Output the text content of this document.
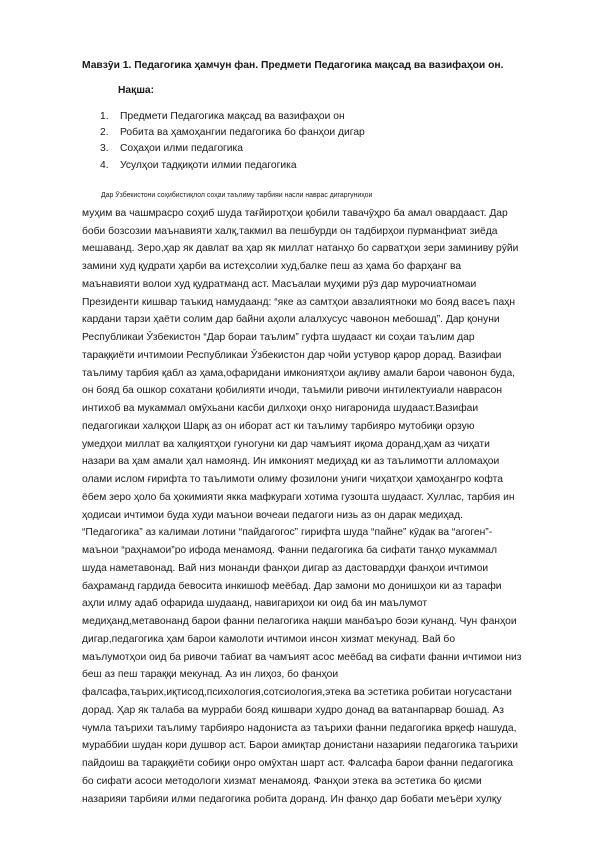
Мавзӯи 1. Педагогика ҳамчун фан. Предмети Педагогика мақсад ва вазифаҳои он.
Нақша:
1. Предмети Педагогика мақсад ва вазифаҳои он
2. Робита ва ҳамоҳангии педагогика бо фанҳои дигар
3. Соҳаҳои илми педагогика
4. Усулҳои тадқиқоти илмии педагогика
Дар Ӯзбекистони соҳибистиқлол соҳаи таълиму тарбияи насли наврас дигаргуниҳои
муҳим ва чашмрасро соҳиб шуда тағйиротҳои қобили тавачӯҳро ба амал овардааст. Дар
боби бозсозии маънавияти халқ,такмил ва пешбурди он тадбирҳои пурманфиат зиёда
мешаванд. Зеро,ҳар як давлат ва ҳар як миллат натанҳо бо сарватҳои зери заминиву рӯйи
замини худ қудрати ҳарби ва истеҳсолии худ,балке пеш аз ҳама бо фарҳанг ва
маънавияти волои худ қудратманд аст. Масъалаи муҳими рӯз дар мурочиатномаи
Президенти кишвар таъкид намудаанд: “яке аз самтҳои авзалиятноки мо бояд васеъ паҳн
кардани тарзи ҳаёти солим дар байни аҳоли алалхусус чавонон мебошад”. Дар қонуни
Республикаи Ӯзбекистон “Дар бораи таълим” гуфта шудааст ки соҳаи таълим дар
тараққиёти ичтимоии Республикаи Ӯзбекистон дар чойи устувор қарор дорад. Вазифаи
таълиму тарбия қабл аз ҳама,офаридани имкониятҳои ақливу амали барои чавонон буда,
он бояд ба ошкор сохатани қобилияти ичоди, таъмили ривочи интилектуиали наврасон
интихоб ва мукаммал омӯхьани касби дилхоҳи онҳо нигаронида шудааст.Вазифаи
педагогикаи халқҳои Шарқ аз он иборат аст ки таълиму тарбияро мутобиқи орзую
умедҳои миллат ва халқиятҳои гуногуни ки дар чамъият иқома доранд,ҳам аз чиҳати
назари ва ҳам амали ҳал намоянд. Ин имконият медиҳад ки аз таълимотти алломаҳои
олами ислом ғирифта то таълимоти олиму фозилони униги чиҳатҳои ҳамоҳангро кофта
ёбем зеро ҳоло ба ҳокимияти якка мафкураги хотима гузошта шудааст. Хуллас, тарбия ин
ҳодисаи ичтимои буда худи маънои вочеаи педагоги низь аз он дарак медиҳад.
“Педагогика” аз калимаи лотини “пайдагогос” гирифта шуда “пайне” кӯдак ва “агоген”-
маънои “раҳнамои”ро ифода менамояд. Фанни педагогика ба сифати танҳо мукаммал
шуда наметавонад. Вай низ монанди фанҳои дигар аз дастовардҳи фанҳои ичтимои
баҳраманд гардида бевосита инкишоф меёбад. Дар замони мо донишҳои ки аз тарафи
аҳли илму адаб офарида шудаанд, навигариҳои ки оид ба ин маълумот
медиҳанд,метавонанд барои фанни пелагогика нақши манбаъро боэи кунанд. Чун фанҳои
дигар,педагогика ҳам барои камолоти ичтимои инсон хизмат мекунад. Вай бо
маълумотҳои оид ба ривочи табиат ва чамъият асос меёбад ва сифати фанни ичтимои низ
беш аз пеш тараққи мекунад. Аз ин лиҳоз, бо фанҳои
фалсафа,таърих,иқтисод,психология,сотсиология,этека ва эстетика робитаи ногусастани
дорад. Ҳар як талаба ва мурраби бояд кишвари худро донад ва ватанпарвар бошад. Аз
чумла таърихи таълиму тарбияро надониста аз таърихи фанни педагогика врқеф нашуда,
мураббии шудан кори душвор аст. Барои амиқтар донистани назарияи педагогика таърихи
пайдоиш ва тараққиёти собиқи онро омӯхтан шарт аст. Фалсафа барои фанни педагогика
бо сифати асоси методологи хизмат менамояд. Фанҳои этека ва эстетика бо қисми
назарияи тарбияи илми педагогика робита доранд. Ин фанҳо дар бобати меъёри хулқу
